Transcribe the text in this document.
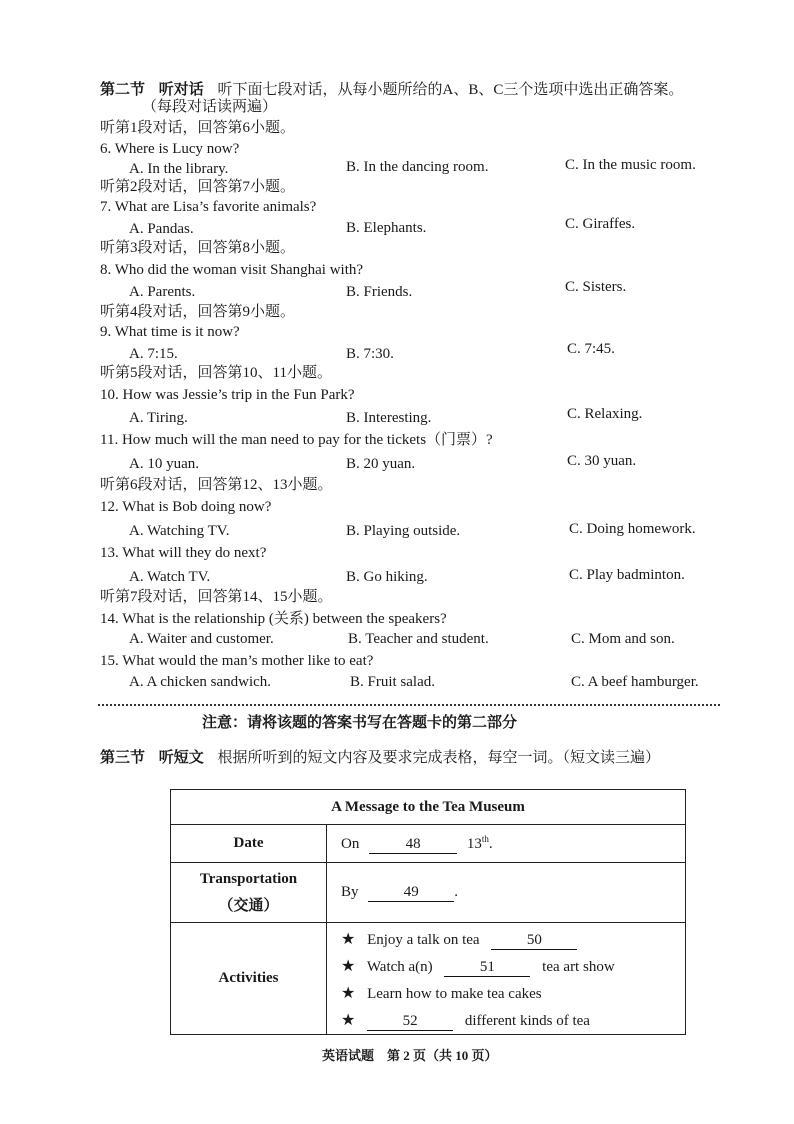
第二节 听对话 听下面七段对话，从每小题所给的A、B、C三个选项中选出正确答案。
（每段对话读两遍）
听第1段对话，回答第6小题。
6. Where is Lucy now?
A. In the library.	B. In the dancing room.	C. In the music room.
听第2段对话，回答第7小题。
7. What are Lisa’s favorite animals?
A. Pandas.	B. Elephants.	C. Giraffes.
听第3段对话，回答第8小题。
8. Who did the woman visit Shanghai with?
A. Parents.	B. Friends.	C. Sisters.
听第4段对话，回答第9小题。
9. What time is it now?
A. 7:15.	B. 7:30.	C. 7:45.
听第5段对话，回答第10、11小题。
10. How was Jessie’s trip in the Fun Park?
A. Tiring.	B. Interesting.	C. Relaxing.
11. How much will the man need to pay for the tickets（门票）?
A. 10 yuan.	B. 20 yuan.	C. 30 yuan.
听第6段对话，回答第12、13小题。
12. What is Bob doing now?
A. Watching TV.	B. Playing outside.	C. Doing homework.
13. What will they do next?
A. Watch TV.	B. Go hiking.	C. Play badminton.
听第7段对话，回答第14、15小题。
14. What is the relationship (关系) between the speakers?
A. Waiter and customer.	B. Teacher and student.	C. Mom and son.
15. What would the man’s mother like to eat?
A. A chicken sandwich.	B. Fruit salad.	C. A beef hamburger.
注意：请将该题的答案书写在答题卡的第二部分
第三节 听短文 根据所听到的短文内容及要求完成表格，每空一词。（短文读三遍）
A Message to the Tea Museum	
Date	On 48 13th.

Transportation
（交通）	By 49 .
Activities	★ Enjoy a talk on tea 50
★ Watch a(n) 51 tea art show
★ Learn how to make tea cakes
★ 52 different kinds of tea
英语试题　第 2 页（共 10 页）
